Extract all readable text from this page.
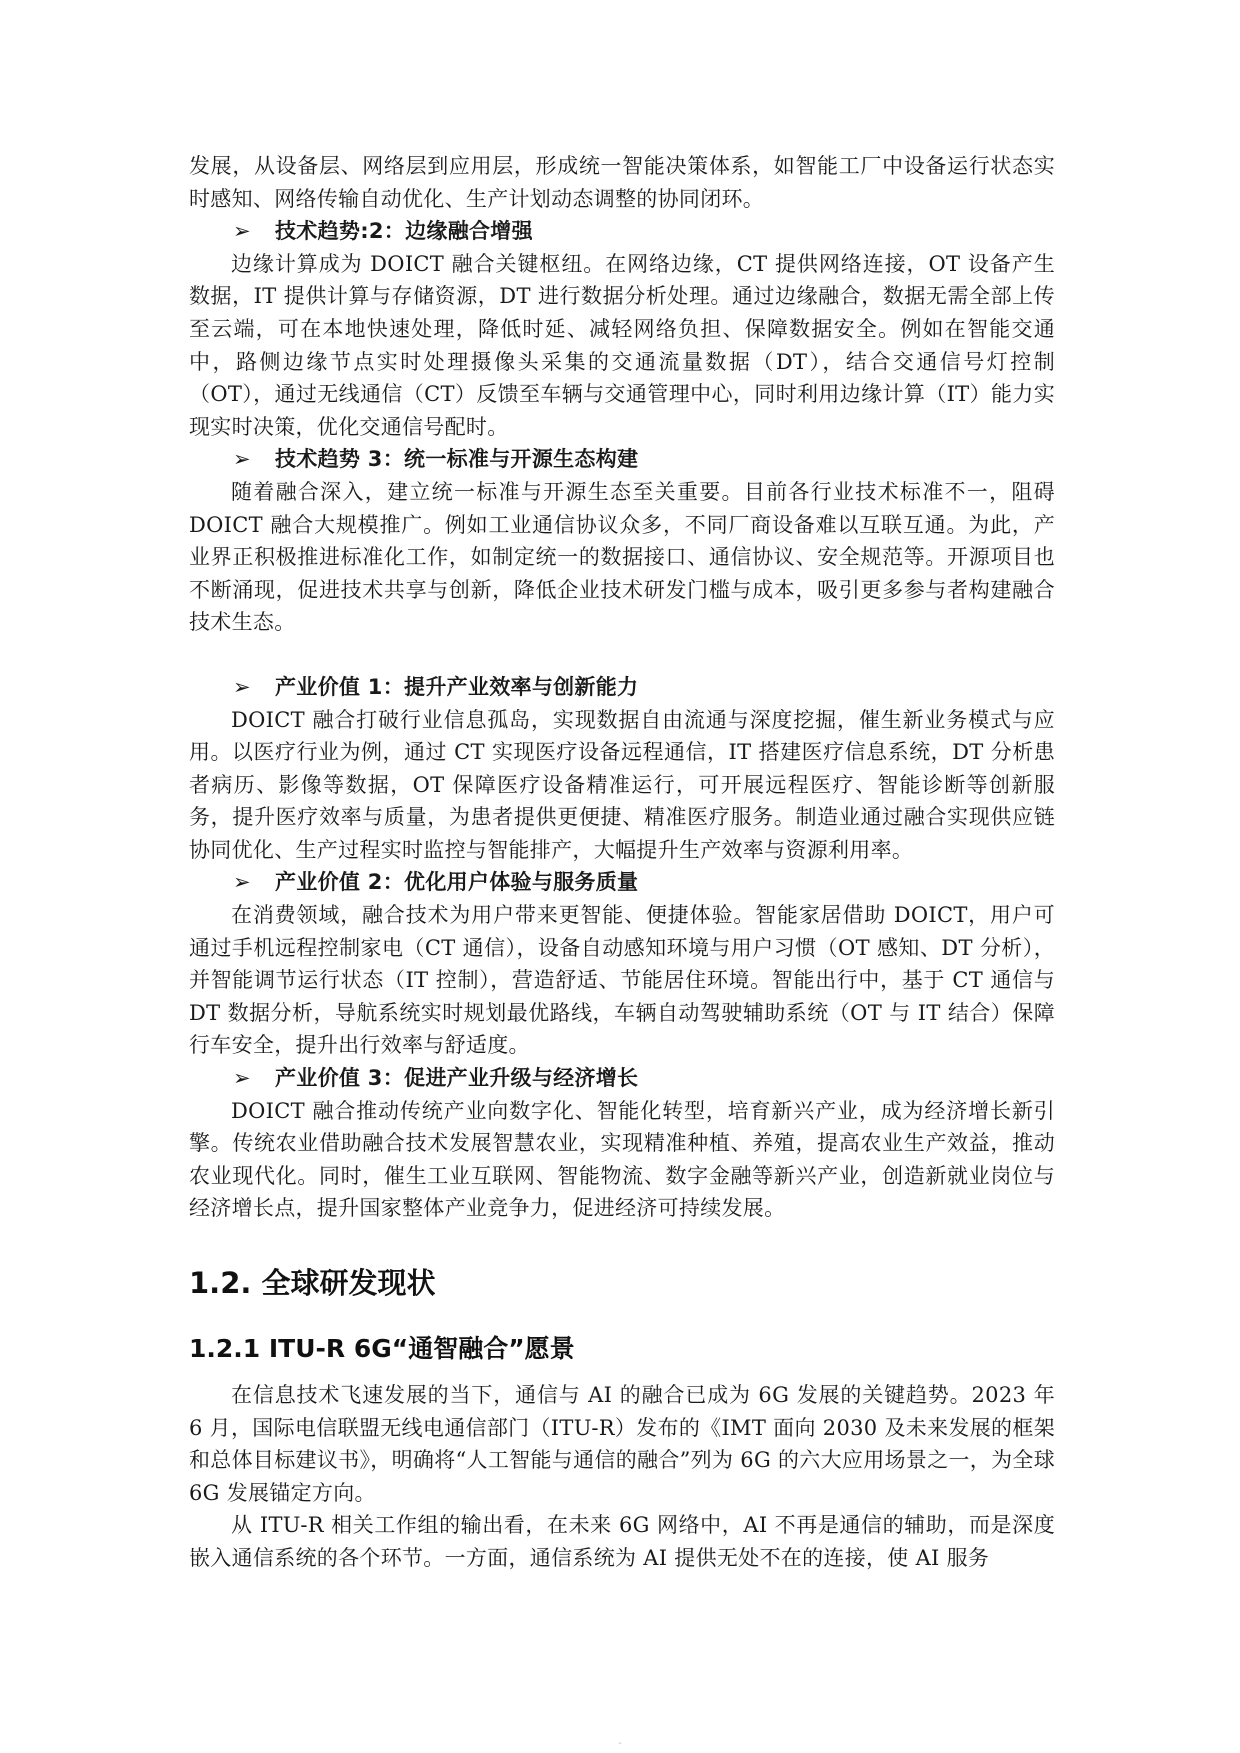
发展，从设备层、网络层到应用层，形成统一智能决策体系，如智能工厂中设备运行状态实时感知、网络传输自动优化、生产计划动态调整的协同闭环。

➢ 技术趋势:2：边缘融合增强

边缘计算成为 DOICT 融合关键枢纽。在网络边缘，CT 提供网络连接，OT 设备产生数据，IT 提供计算与存储资源，DT 进行数据分析处理。通过边缘融合，数据无需全部上传至云端，可在本地快速处理，降低时延、减轻网络负担、保障数据安全。例如在智能交通中，路侧边缘节点实时处理摄像头采集的交通流量数据（DT），结合交通信号灯控制（OT），通过无线通信（CT）反馈至车辆与交通管理中心，同时利用边缘计算（IT）能力实现实时决策，优化交通信号配时。

➢ 技术趋势 3：统一标准与开源生态构建

随着融合深入，建立统一标准与开源生态至关重要。目前各行业技术标准不一，阻碍 DOICT 融合大规模推广。例如工业通信协议众多，不同厂商设备难以互联互通。为此，产业界正积极推进标准化工作，如制定统一的数据接口、通信协议、安全规范等。开源项目也不断涌现，促进技术共享与创新，降低企业技术研发门槛与成本，吸引更多参与者构建融合技术生态。

➢ 产业价值 1：提升产业效率与创新能力

DOICT 融合打破行业信息孤岛，实现数据自由流通与深度挖掘，催生新业务模式与应用。以医疗行业为例，通过 CT 实现医疗设备远程通信，IT 搭建医疗信息系统，DT 分析患者病历、影像等数据，OT 保障医疗设备精准运行，可开展远程医疗、智能诊断等创新服务，提升医疗效率与质量，为患者提供更便捷、精准医疗服务。制造业通过融合实现供应链协同优化、生产过程实时监控与智能排产，大幅提升生产效率与资源利用率。

➢ 产业价值 2：优化用户体验与服务质量

在消费领域，融合技术为用户带来更智能、便捷体验。智能家居借助 DOICT，用户可通过手机远程控制家电（CT 通信），设备自动感知环境与用户习惯（OT 感知、DT 分析），并智能调节运行状态（IT 控制），营造舒适、节能居住环境。智能出行中，基于 CT 通信与 DT 数据分析，导航系统实时规划最优路线，车辆自动驾驶辅助系统（OT 与 IT 结合）保障行车安全，提升出行效率与舒适度。

➢ 产业价值 3：促进产业升级与经济增长

DOICT 融合推动传统产业向数字化、智能化转型，培育新兴产业，成为经济增长新引擎。传统农业借助融合技术发展智慧农业，实现精准种植、养殖，提高农业生产效益，推动农业现代化。同时，催生工业互联网、智能物流、数字金融等新兴产业，创造新就业岗位与经济增长点，提升国家整体产业竞争力，促进经济可持续发展。

1.2. 全球研发现状
1.2.1 ITU-R 6G“通智融合”愿景

在信息技术飞速发展的当下，通信与 AI 的融合已成为 6G 发展的关键趋势。2023 年 6 月，国际电信联盟无线电通信部门（ITU-R）发布的《IMT 面向 2030 及未来发展的框架和总体目标建议书》，明确将“人工智能与通信的融合”列为 6G 的六大应用场景之一，为全球 6G 发展锚定方向。

从 ITU-R 相关工作组的输出看，在未来 6G 网络中，AI 不再是通信的辅助，而是深度嵌入通信系统的各个环节。一方面，通信系统为 AI 提供无处不在的连接，使 AI 服务

-
